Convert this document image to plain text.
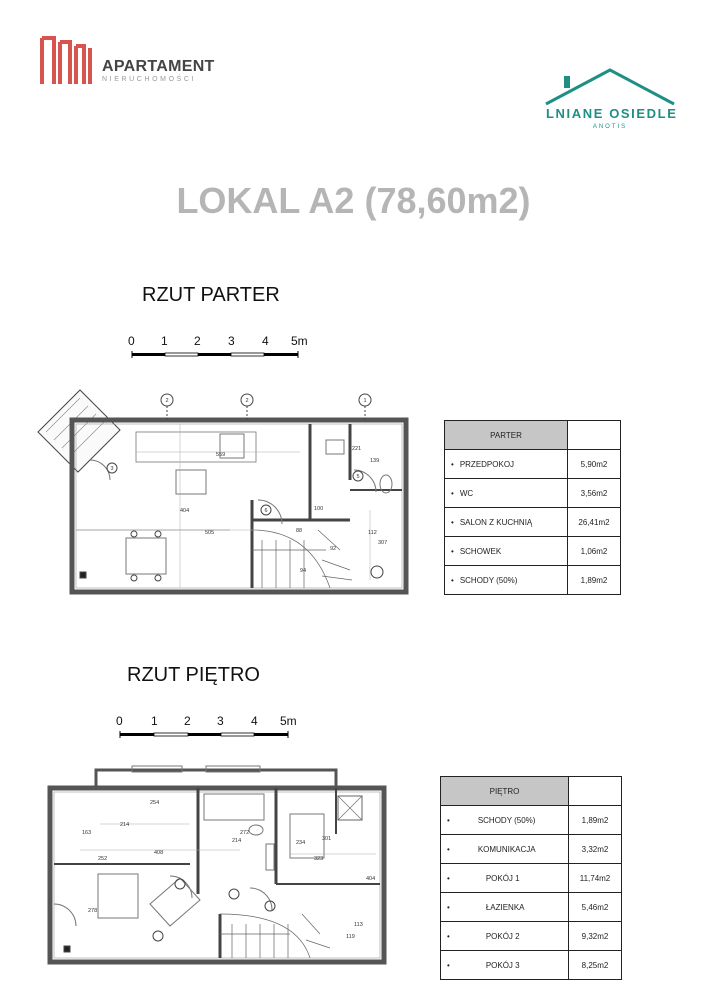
APARTAMENT
NIERUCHOMOŚCI
LNIANE OSIEDLE
ANOTIS
LOKAL A2 (78,60m2)
RZUT PARTER
0 1 2 3 4 5m
2	2	1
6
5
3
559
221
139
404
505
100
88	112
307
92
94
PARTER	
• PRZEDPOKOJ	5,90m2
• WC	3,56m2
• SALON Z KUCHNIĄ	26,41m2
• SCHOWEK	1,06m2
• SCHODY (50%)	1,89m2
RZUT PIĘTRO
0 1 2 3 4 5m
254
163
214
408
272
214	234
323
301
404
278
252
113
119
PIĘTRO	
• SCHODY (50%)	1,89m2
• KOMUNIKACJA	3,32m2
• POKÓJ 1	11,74m2
• ŁAZIENKA	5,46m2
• POKÓJ 2	9,32m2
• POKÓJ 3	8,25m2
